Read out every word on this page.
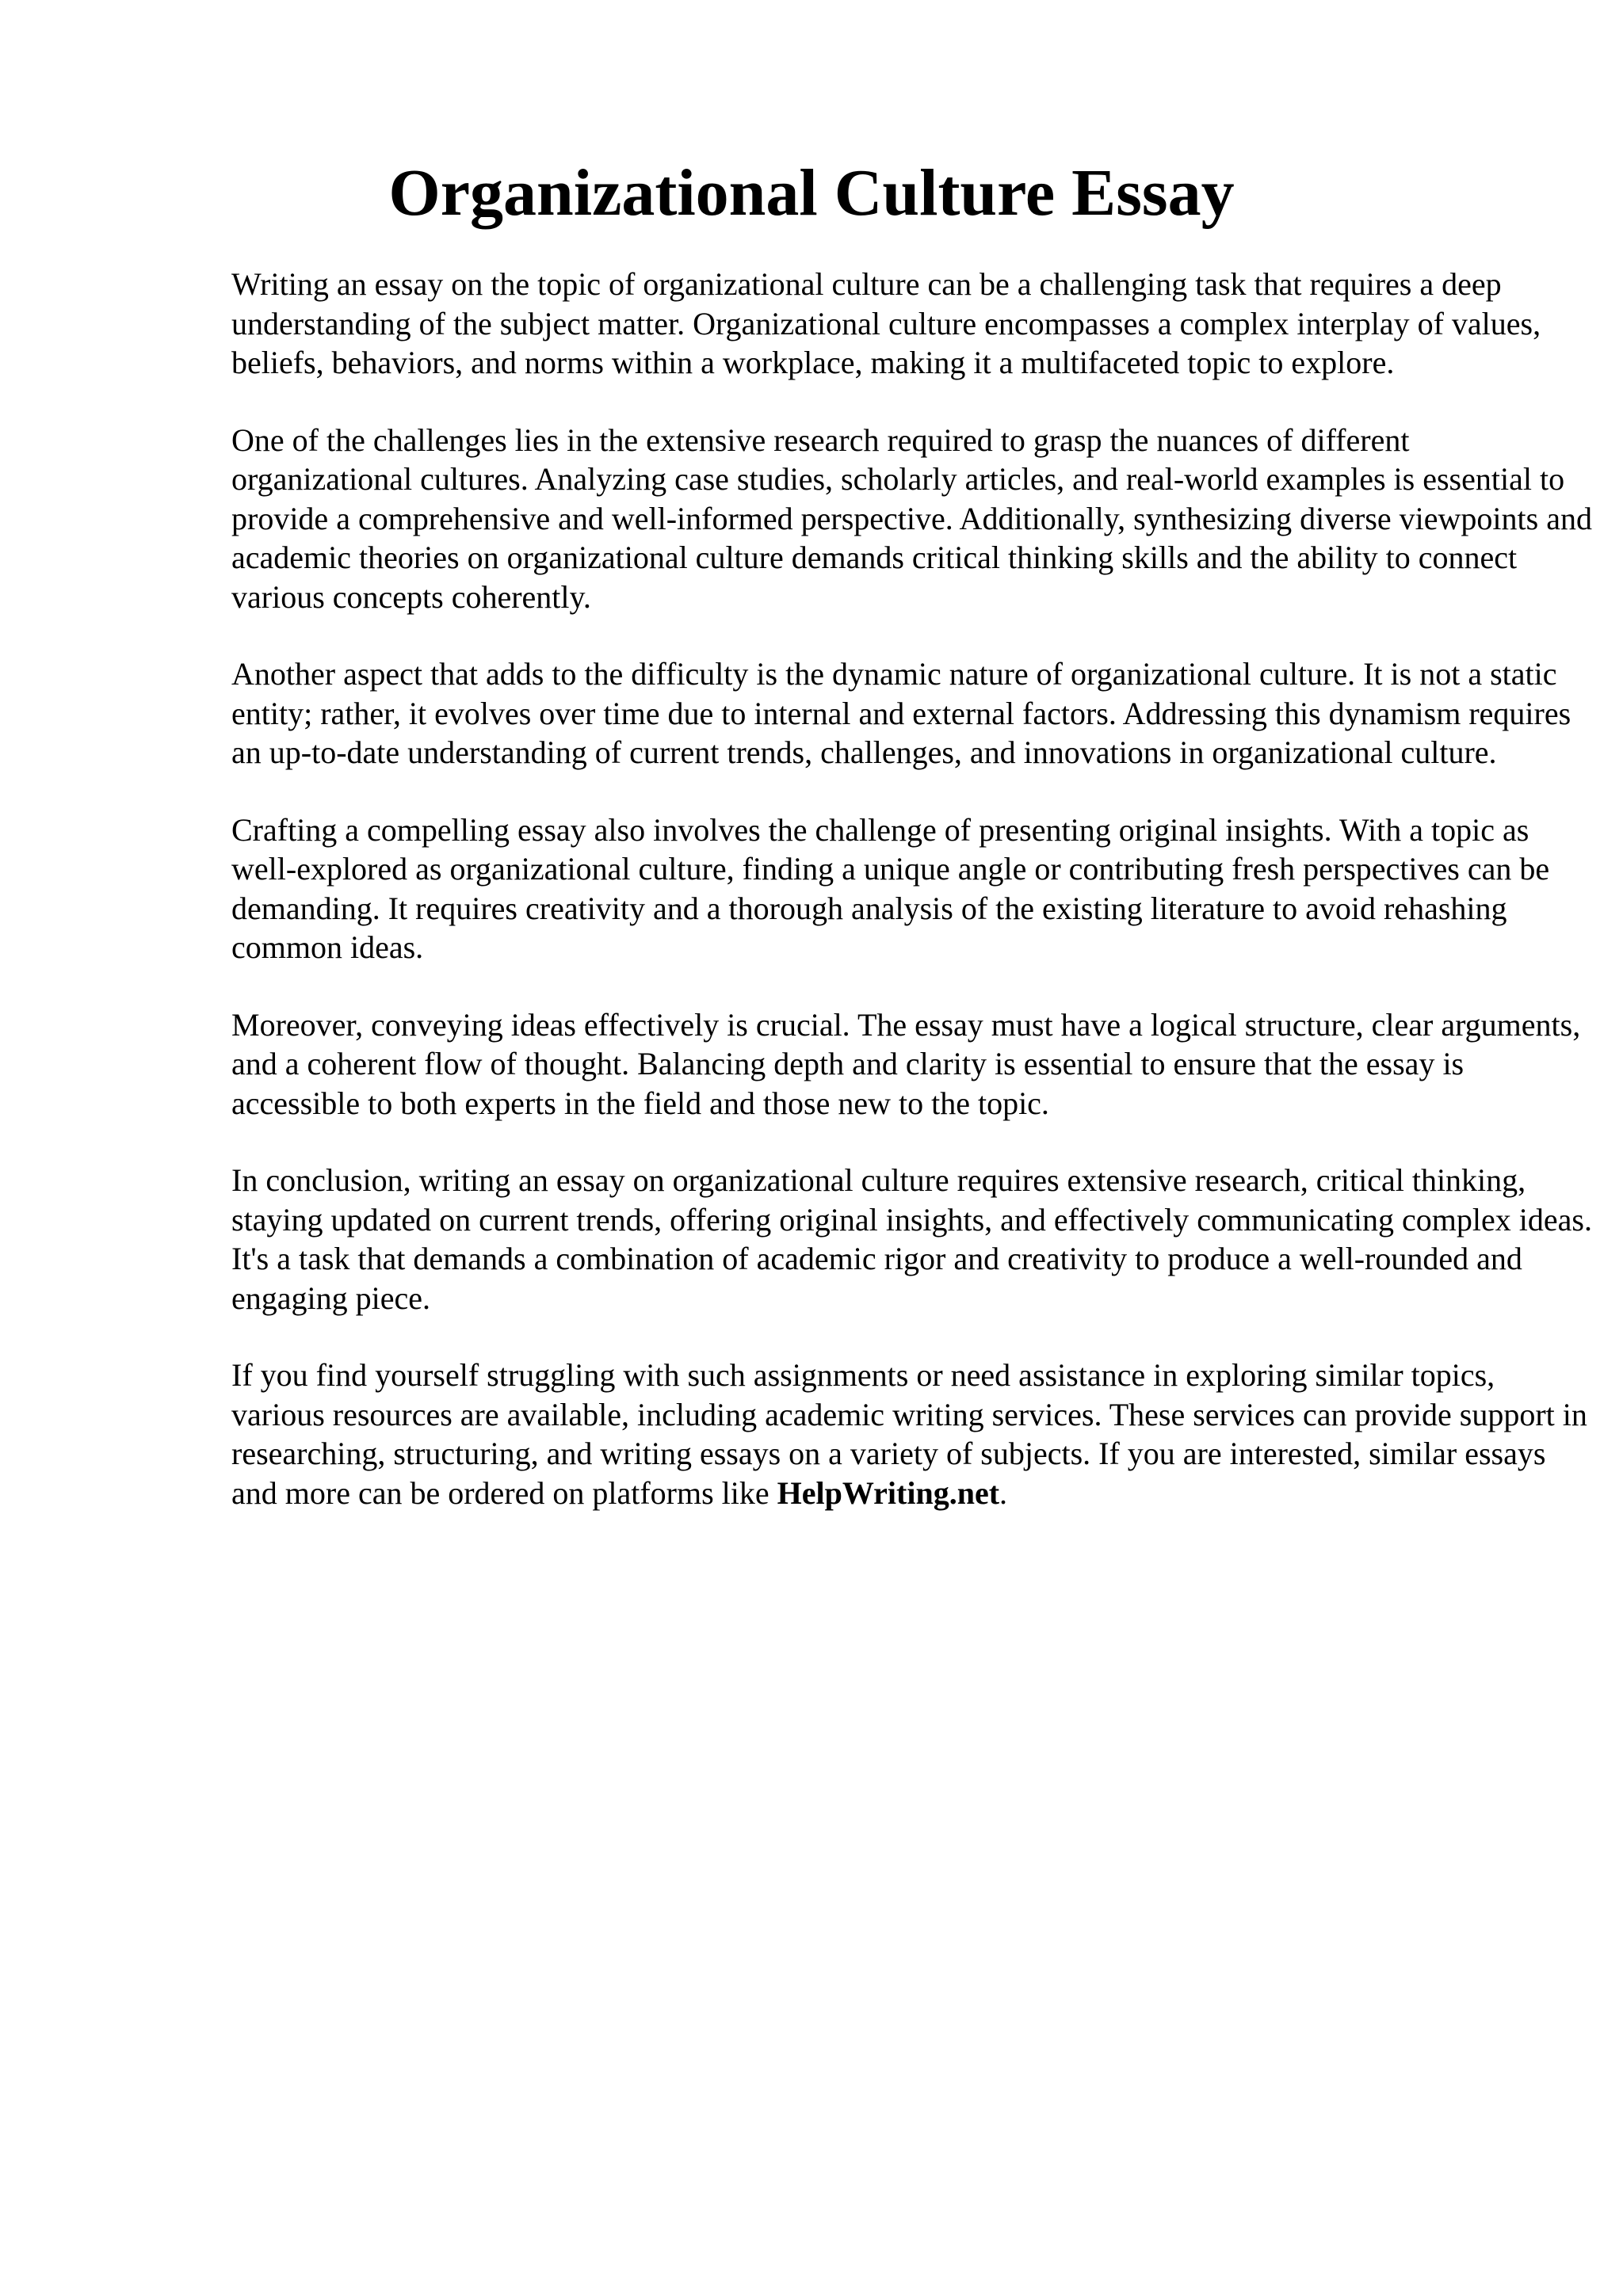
Organizational Culture Essay

Writing an essay on the topic of organizational culture can be a challenging task that requires a deep understanding of the subject matter. Organizational culture encompasses a complex interplay of values, beliefs, behaviors, and norms within a workplace, making it a multifaceted topic to explore.

One of the challenges lies in the extensive research required to grasp the nuances of different organizational cultures. Analyzing case studies, scholarly articles, and real-world examples is essential to provide a comprehensive and well-informed perspective. Additionally, synthesizing diverse viewpoints and academic theories on organizational culture demands critical thinking skills and the ability to connect various concepts coherently.

Another aspect that adds to the difficulty is the dynamic nature of organizational culture. It is not a static entity; rather, it evolves over time due to internal and external factors. Addressing this dynamism requires an up-to-date understanding of current trends, challenges, and innovations in organizational culture.

Crafting a compelling essay also involves the challenge of presenting original insights. With a topic as well-explored as organizational culture, finding a unique angle or contributing fresh perspectives can be demanding. It requires creativity and a thorough analysis of the existing literature to avoid rehashing common ideas.

Moreover, conveying ideas effectively is crucial. The essay must have a logical structure, clear arguments, and a coherent flow of thought. Balancing depth and clarity is essential to ensure that the essay is accessible to both experts in the field and those new to the topic.

In conclusion, writing an essay on organizational culture requires extensive research, critical thinking, staying updated on current trends, offering original insights, and effectively communicating complex ideas. It's a task that demands a combination of academic rigor and creativity to produce a well-rounded and engaging piece.

If you find yourself struggling with such assignments or need assistance in exploring similar topics, various resources are available, including academic writing services. These services can provide support in researching, structuring, and writing essays on a variety of subjects. If you are interested, similar essays and more can be ordered on platforms like HelpWriting.net.
